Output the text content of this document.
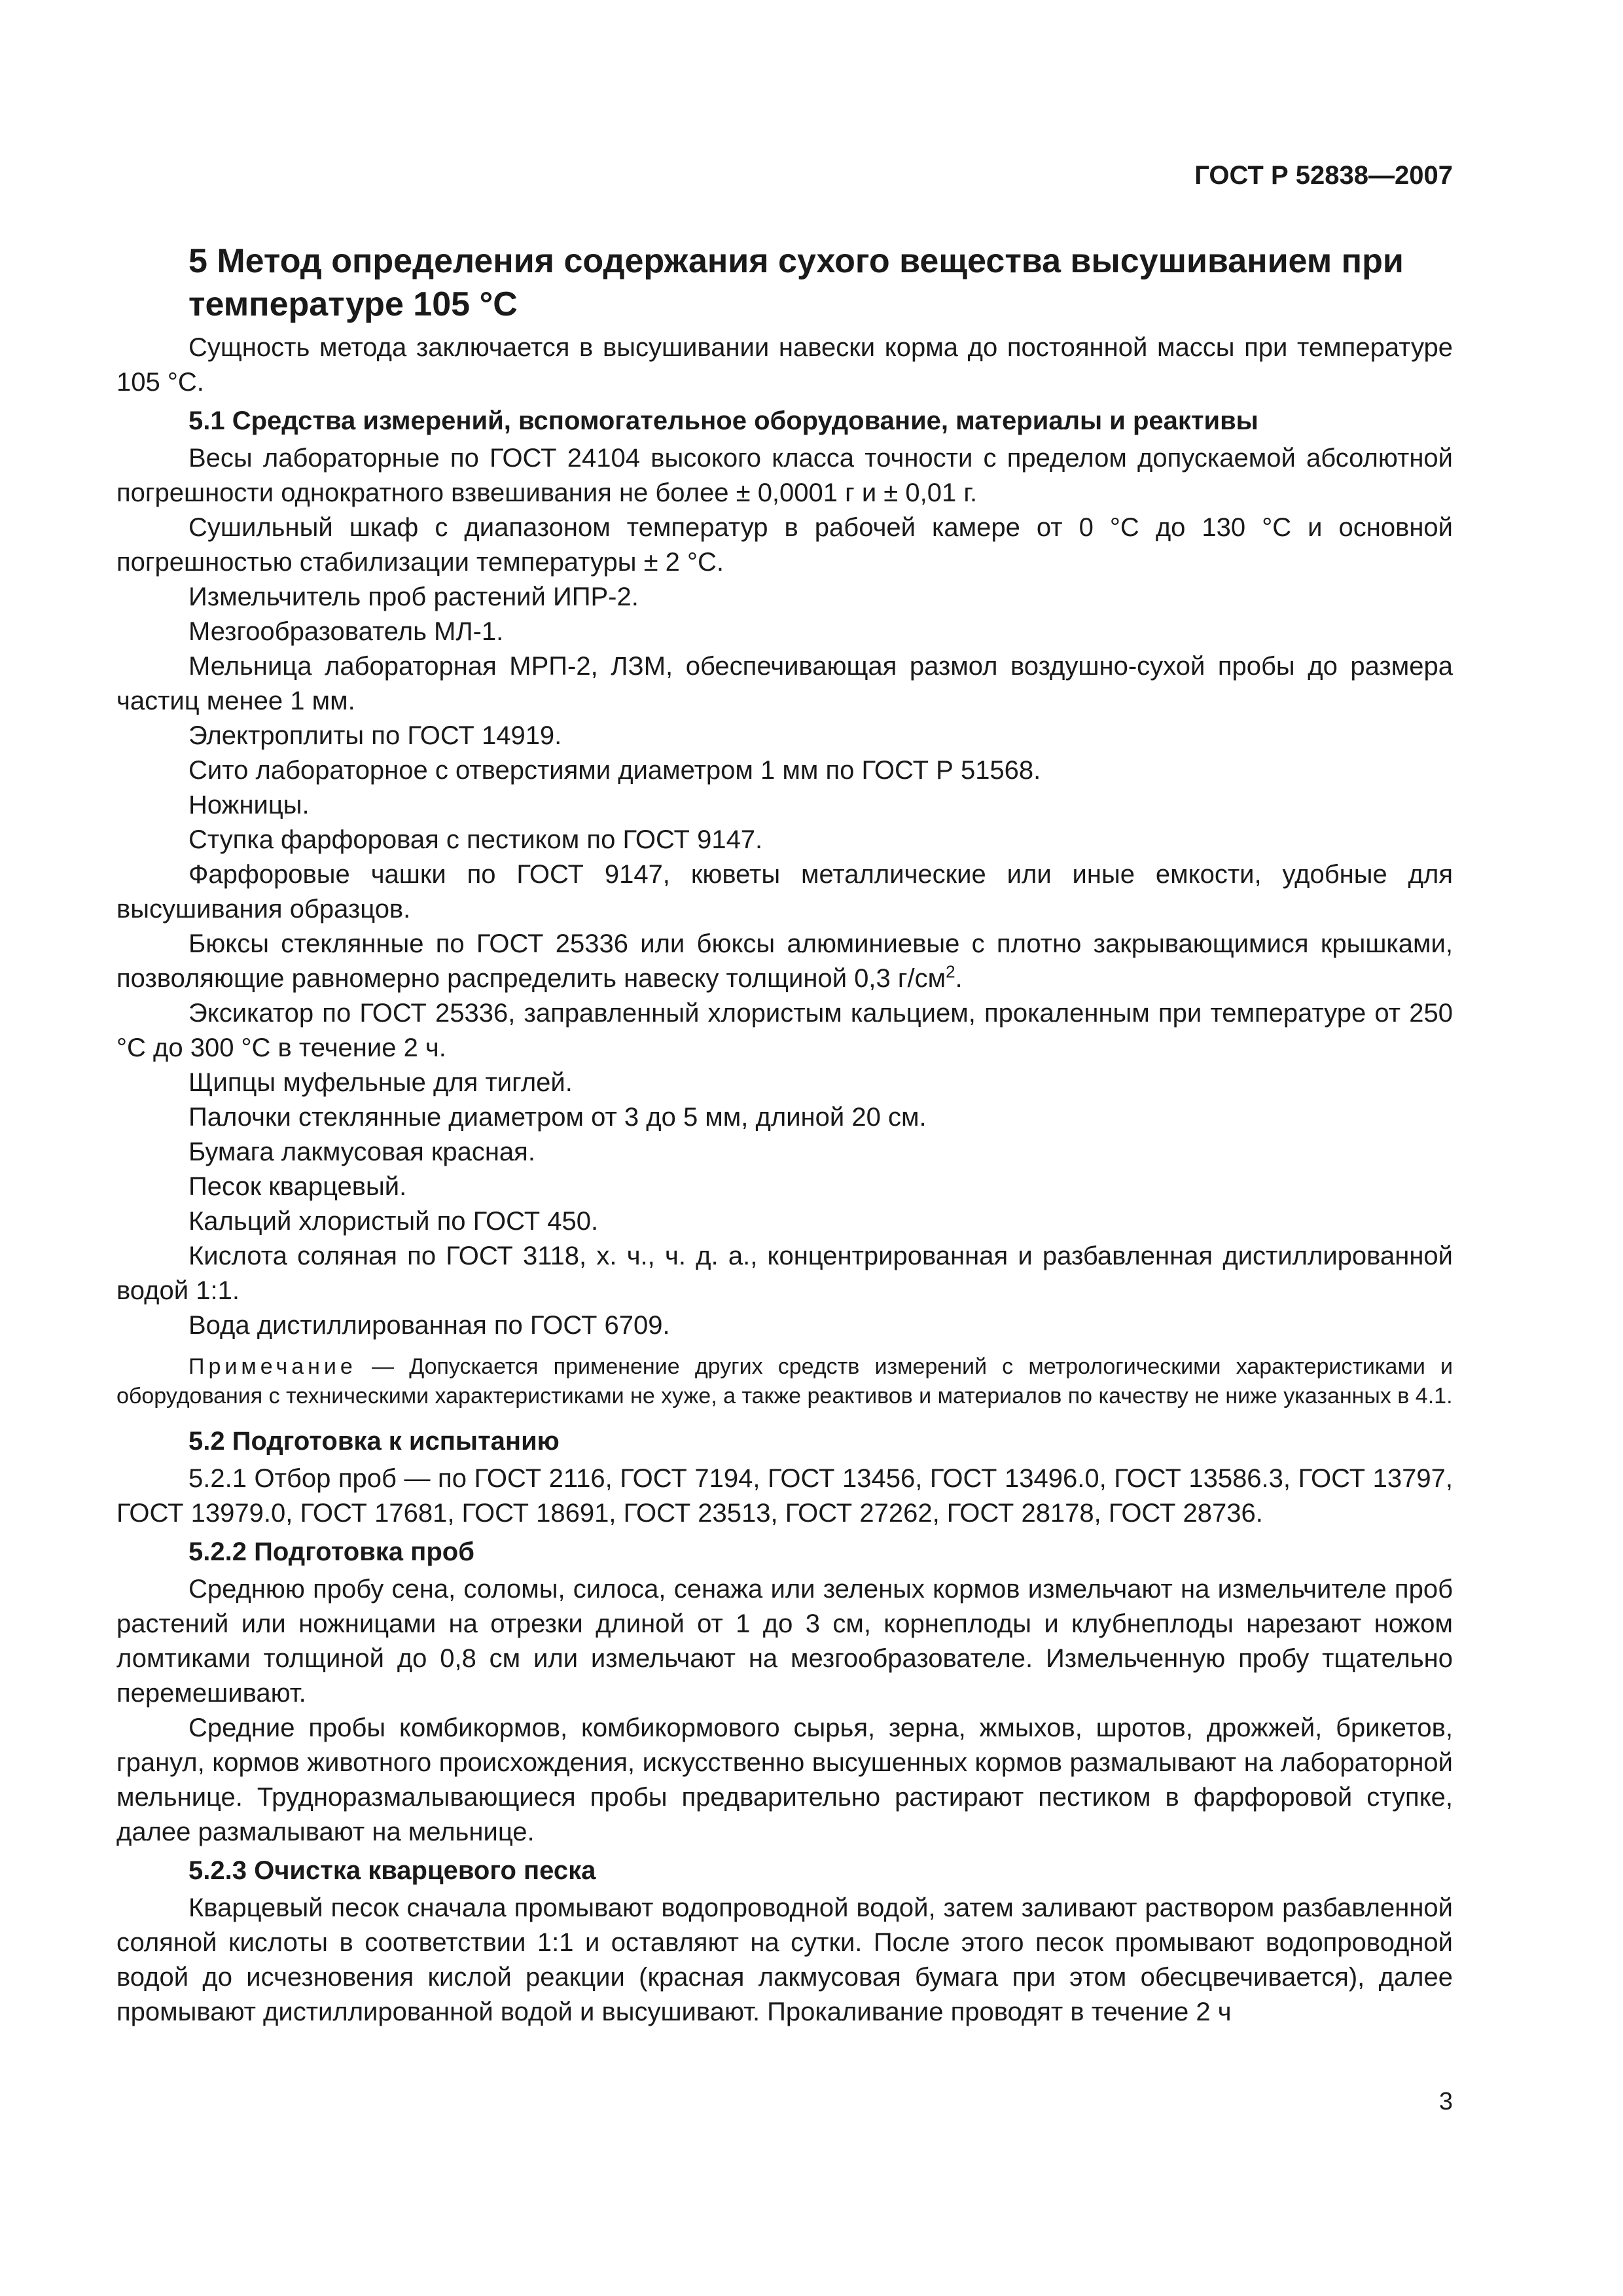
ГОСТ Р 52838—2007
5 Метод определения содержания сухого вещества высушиванием при температуре 105 °С

Сущность метода заключается в высушивании навески корма до постоянной массы при температуре 105 °С.

5.1 Средства измерений, вспомогательное оборудование, материалы и реактивы

Весы лабораторные по ГОСТ 24104 высокого класса точности с пределом допускаемой абсолютной погрешности однократного взвешивания не более ± 0,0001 г и ± 0,01 г.

Сушильный шкаф с диапазоном температур в рабочей камере от 0 °С до 130 °С и основной погрешностью стабилизации температуры ± 2 °С.

Измельчитель проб растений ИПР-2.

Мезгообразователь МЛ-1.

Мельница лабораторная МРП-2, ЛЗМ, обеспечивающая размол воздушно-сухой пробы до размера частиц менее 1 мм.

Электроплиты по ГОСТ 14919.

Сито лабораторное с отверстиями диаметром 1 мм по ГОСТ Р 51568.

Ножницы.

Ступка фарфоровая с пестиком по ГОСТ 9147.

Фарфоровые чашки по ГОСТ 9147, кюветы металлические или иные емкости, удобные для высушивания образцов.

Бюксы стеклянные по ГОСТ 25336 или бюксы алюминиевые с плотно закрывающимися крышками, позволяющие равномерно распределить навеску толщиной 0,3 $г/см^2$.

Эксикатор по ГОСТ 25336, заправленный хлористым кальцием, прокаленным при температуре от 250 °С до 300 °С в течение 2 ч.

Щипцы муфельные для тиглей.

Палочки стеклянные диаметром от 3 до 5 мм, длиной 20 см.

Бумага лакмусовая красная.

Песок кварцевый.

Кальций хлористый по ГОСТ 450.

Кислота соляная по ГОСТ 3118, х. ч., ч. д. а., концентрированная и разбавленная дистиллированной водой 1:1.

Вода дистиллированная по ГОСТ 6709.

Примечание — Допускается применение других средств измерений с метрологическими характеристиками и оборудования с техническими характеристиками не хуже, а также реактивов и материалов по качеству не ниже указанных в 4.1.
5.2 Подготовка к испытанию

5.2.1 Отбор проб — по ГОСТ 2116, ГОСТ 7194, ГОСТ 13456, ГОСТ 13496.0, ГОСТ 13586.3, ГОСТ 13797, ГОСТ 13979.0, ГОСТ 17681, ГОСТ 18691, ГОСТ 23513, ГОСТ 27262, ГОСТ 28178, ГОСТ 28736.

5.2.2 Подготовка проб

Среднюю пробу сена, соломы, силоса, сенажа или зеленых кормов измельчают на измельчителе проб растений или ножницами на отрезки длиной от 1 до 3 см, корнеплоды и клубнеплоды нарезают ножом ломтиками толщиной до 0,8 см или измельчают на мезгообразователе. Измельченную пробу тщательно перемешивают.

Средние пробы комбикормов, комбикормового сырья, зерна, жмыхов, шротов, дрожжей, брикетов, гранул, кормов животного происхождения, искусственно высушенных кормов размалывают на лабораторной мельнице. Трудноразмалывающиеся пробы предварительно растирают пестиком в фарфоровой ступке, далее размалывают на мельнице.

5.2.3 Очистка кварцевого песка

Кварцевый песок сначала промывают водопроводной водой, затем заливают раствором разбавленной соляной кислоты в соответствии 1:1 и оставляют на сутки. После этого песок промывают водопроводной водой до исчезновения кислой реакции (красная лакмусовая бумага при этом обесцвечивается), далее промывают дистиллированной водой и высушивают. Прокаливание проводят в течение 2 ч

3
